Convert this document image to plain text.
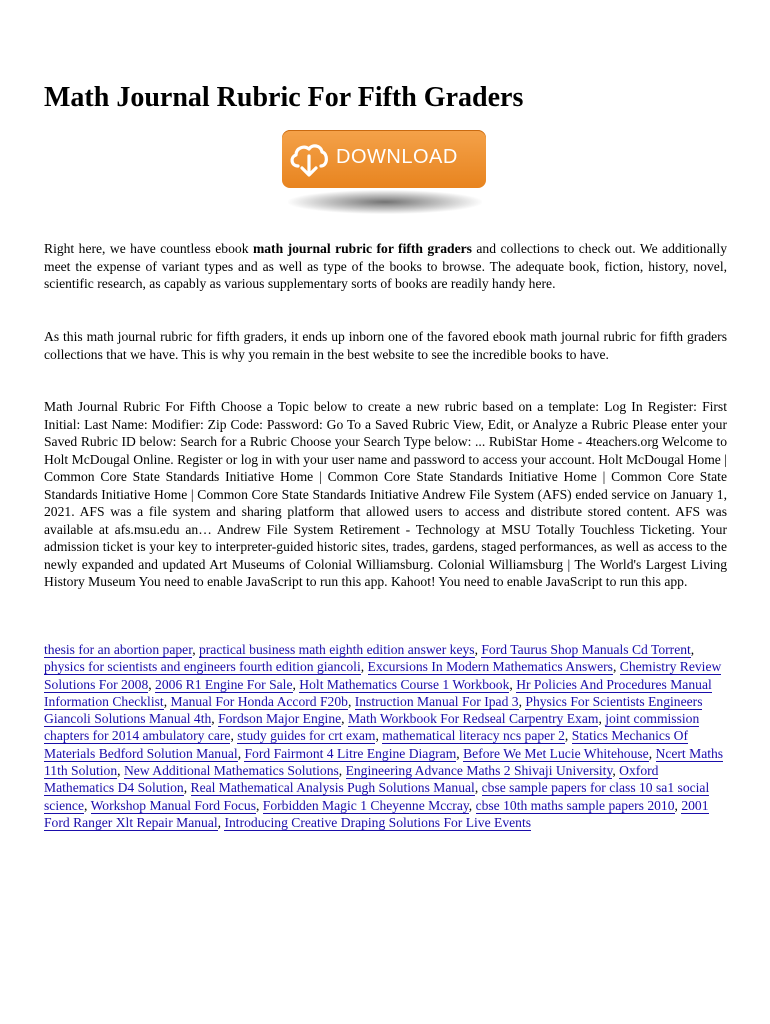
Math Journal Rubric For Fifth Graders
DOWNLOAD

Right here, we have countless ebook math journal rubric for fifth graders and collections to check out. We additionally meet the expense of variant types and as well as type of the books to browse. The adequate book, fiction, history, novel, scientific research, as capably as various supplementary sorts of books are readily handy here.

As this math journal rubric for fifth graders, it ends up inborn one of the favored ebook math journal rubric for fifth graders collections that we have. This is why you remain in the best website to see the incredible books to have.

Math Journal Rubric For Fifth Choose a Topic below to create a new rubric based on a template: Log In Register: First Initial: Last Name: Modifier: Zip Code: Password: Go To a Saved Rubric View, Edit, or Analyze a Rubric Please enter your Saved Rubric ID below: Search for a Rubric Choose your Search Type below: ... RubiStar Home - 4teachers.org Welcome to Holt McDougal Online. Register or log in with your user name and password to access your account. Holt McDougal Home | Common Core State Standards Initiative Home | Common Core State Standards Initiative Home | Common Core State Standards Initiative Home | Common Core State Standards Initiative Andrew File System (AFS) ended service on January 1, 2021. AFS was a file system and sharing platform that allowed users to access and distribute stored content. AFS was available at afs.msu.edu an… Andrew File System Retirement - Technology at MSU Totally Touchless Ticketing. Your admission ticket is your key to interpreter-guided historic sites, trades, gardens, staged performances, as well as access to the newly expanded and updated Art Museums of Colonial Williamsburg. Colonial Williamsburg | The World's Largest Living History Museum You need to enable JavaScript to run this app. Kahoot! You need to enable JavaScript to run this app.

thesis for an abortion paper, practical business math eighth edition answer keys, Ford Taurus Shop Manuals Cd Torrent, physics for scientists and engineers fourth edition giancoli, Excursions In Modern Mathematics Answers, Chemistry Review Solutions For 2008, 2006 R1 Engine For Sale, Holt Mathematics Course 1 Workbook, Hr Policies And Procedures Manual Information Checklist, Manual For Honda Accord F20b, Instruction Manual For Ipad 3, Physics For Scientists Engineers Giancoli Solutions Manual 4th, Fordson Major Engine, Math Workbook For Redseal Carpentry Exam, joint commission chapters for 2014 ambulatory care, study guides for crt exam, mathematical literacy ncs paper 2, Statics Mechanics Of Materials Bedford Solution Manual, Ford Fairmont 4 Litre Engine Diagram, Before We Met Lucie Whitehouse, Ncert Maths 11th Solution, New Additional Mathematics Solutions, Engineering Advance Maths 2 Shivaji University, Oxford Mathematics D4 Solution, Real Mathematical Analysis Pugh Solutions Manual, cbse sample papers for class 10 sa1 social science, Workshop Manual Ford Focus, Forbidden Magic 1 Cheyenne Mccray, cbse 10th maths sample papers 2010, 2001 Ford Ranger Xlt Repair Manual, Introducing Creative Draping Solutions For Live Events
